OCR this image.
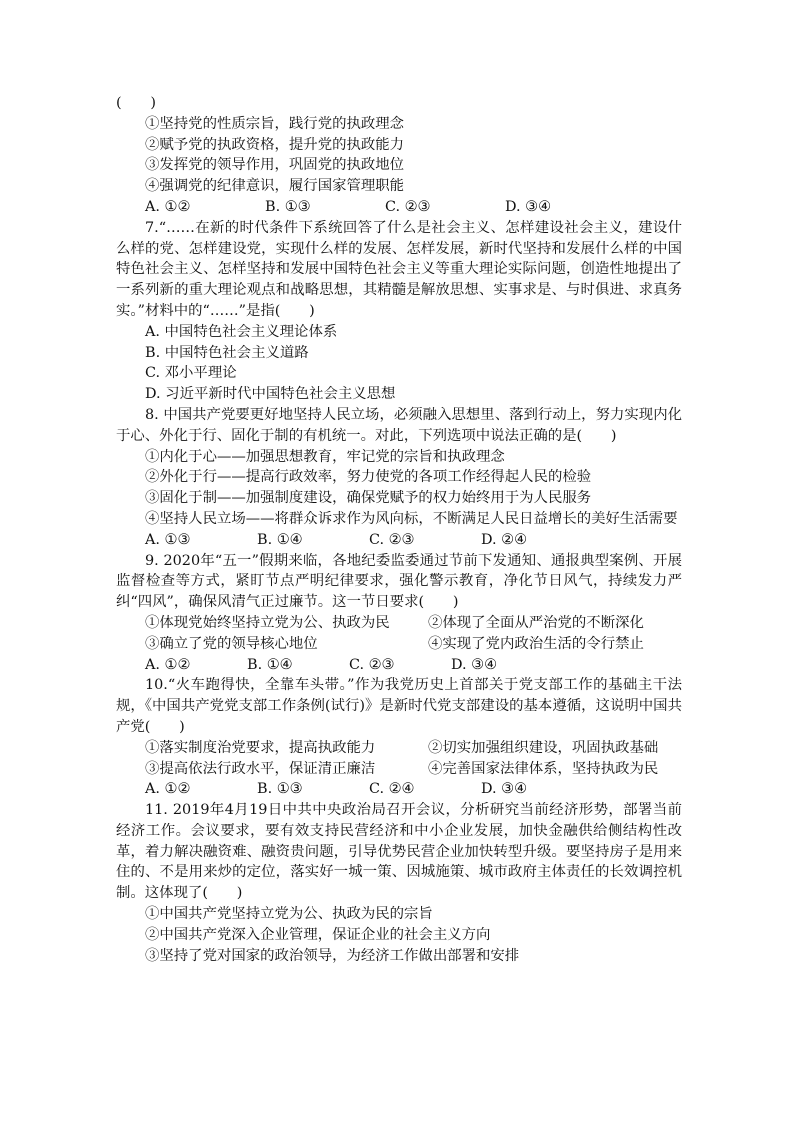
(　　)

①坚持党的性质宗旨，践行党的执政理念

②赋予党的执政资格，提升党的执政能力

③发挥党的领导作用，巩固党的执政地位

④强调党的纪律意识，履行国家管理职能

A. ①②	B. ①③	C. ②③	D. ③④

7.“……在新的时代条件下系统回答了什么是社会主义、怎样建设社会主义，建设什么样的党、怎样建设党，实现什么样的发展、怎样发展，新时代坚持和发展什么样的中国特色社会主义、怎样坚持和发展中国特色社会主义等重大理论实际问题，创造性地提出了一系列新的重大理论观点和战略思想，其精髓是解放思想、实事求是、与时俱进、求真务实。”材料中的“……”是指(　　)

A. 中国特色社会主义理论体系

B. 中国特色社会主义道路

C. 邓小平理论

D. 习近平新时代中国特色社会主义思想

8. 中国共产党要更好地坚持人民立场，必须融入思想里、落到行动上，努力实现内化于心、外化于行、固化于制的有机统一。对此，下列选项中说法正确的是(　　)

①内化于心——加强思想教育，牢记党的宗旨和执政理念

②外化于行——提高行政效率，努力使党的各项工作经得起人民的检验

③固化于制——加强制度建设，确保党赋予的权力始终用于为人民服务

④坚持人民立场——将群众诉求作为风向标，不断满足人民日益增长的美好生活需要

A. ①③	B. ①④	C. ②③	D. ②④

9. 2020年“五一”假期来临，各地纪委监委通过节前下发通知、通报典型案例、开展监督检查等方式，紧盯节点严明纪律要求，强化警示教育，净化节日风气，持续发力严纠“四风”，确保风清气正过廉节。这一节日要求(　　)

①体现党始终坚持立党为公、执政为民	②体现了全面从严治党的不断深化
③确立了党的领导核心地位	④实现了党内政治生活的令行禁止
A. ①②	B. ①④	C. ②③	D. ③④

10.“火车跑得快，全靠车头带。”作为我党历史上首部关于党支部工作的基础主干法规，《中国共产党党支部工作条例(试行)》是新时代党支部建设的基本遵循，这说明中国共产党(　　)

①落实制度治党要求，提高执政能力	②切实加强组织建设，巩固执政基础
③提高依法行政水平，保证清正廉洁	④完善国家法律体系，坚持执政为民
A. ①②	B. ①③	C. ②④	D. ③④

11. 2019年4月19日中共中央政治局召开会议，分析研究当前经济形势，部署当前经济工作。会议要求，要有效支持民营经济和中小企业发展，加快金融供给侧结构性改革，着力解决融资难、融资贵问题，引导优势民营企业加快转型升级。要坚持房子是用来住的、不是用来炒的定位，落实好一城一策、因城施策、城市政府主体责任的长效调控机制。这体现了(　　)

①中国共产党坚持立党为公、执政为民的宗旨

②中国共产党深入企业管理，保证企业的社会主义方向

③坚持了党对国家的政治领导，为经济工作做出部署和安排
